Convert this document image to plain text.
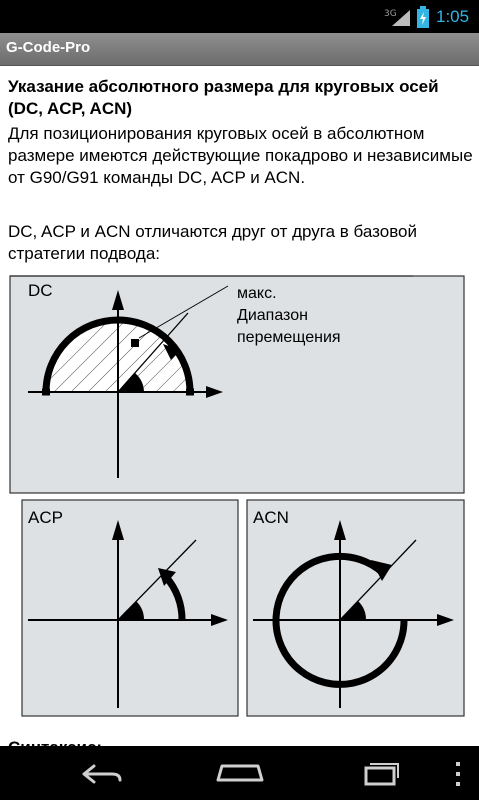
3G 1:05
G-Code-Pro
Указание абсолютного размера для круговых осей (DC, ACP, ACN)
Для позиционирования круговых осей в абсолютном размере имеются действующие покадрово и независимые от G90/G91 команды DC, ACP и ACN.
DC, ACP и ACN отличаются друг от друга в базовой стратегии подвода:
DC	макс.
Диапазон
перемещения
ACP	ACN
